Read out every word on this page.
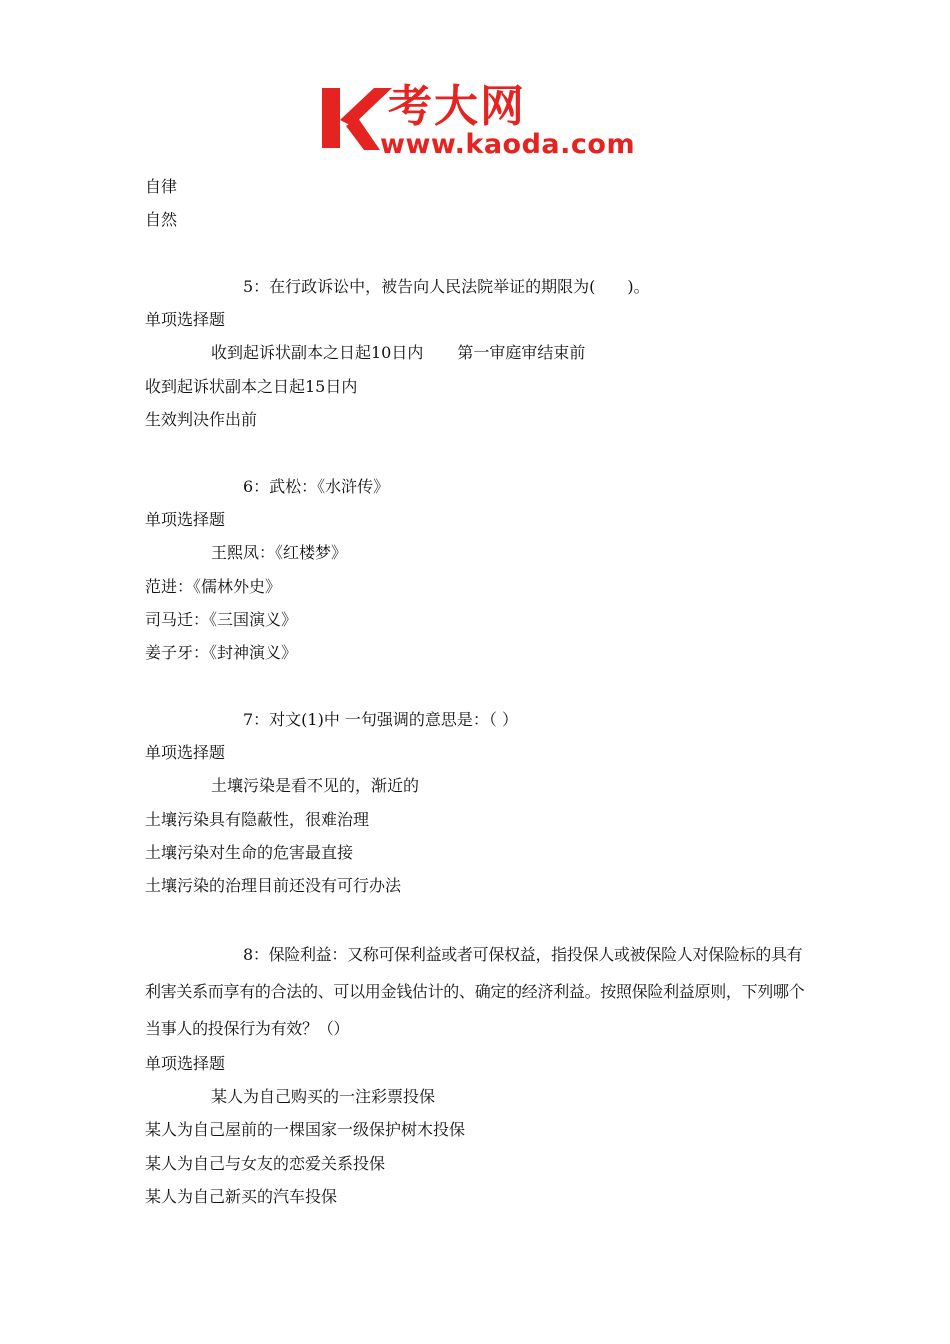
考大网
www.kaoda.com
自律
自然
5：在行政诉讼中，被告向人民法院举证的期限为(　　)。
单项选择题
收到起诉状副本之日起10日内 第一审庭审结束前
收到起诉状副本之日起15日内
生效判决作出前
6：武松：《水浒传》
单项选择题
王熙凤：《红楼梦》
范进：《儒林外史》
司马迁：《三国演义》
姜子牙：《封神演义》
7：对文(1)中 一句强调的意思是：（ ）
单项选择题
土壤污染是看不见的，渐近的
土壤污染具有隐蔽性，很难治理
土壤污染对生命的危害最直接
土壤污染的治理目前还没有可行办法
8：保险利益：又称可保利益或者可保权益，指投保人或被保险人对保险标的具有利害关系而享有的合法的、可以用金钱估计的、确定的经济利益。按照保险利益原则，下列哪个当事人的投保行为有效？（）
单项选择题
某人为自己购买的一注彩票投保
某人为自己屋前的一棵国家一级保护树木投保
某人为自己与女友的恋爱关系投保
某人为自己新买的汽车投保
